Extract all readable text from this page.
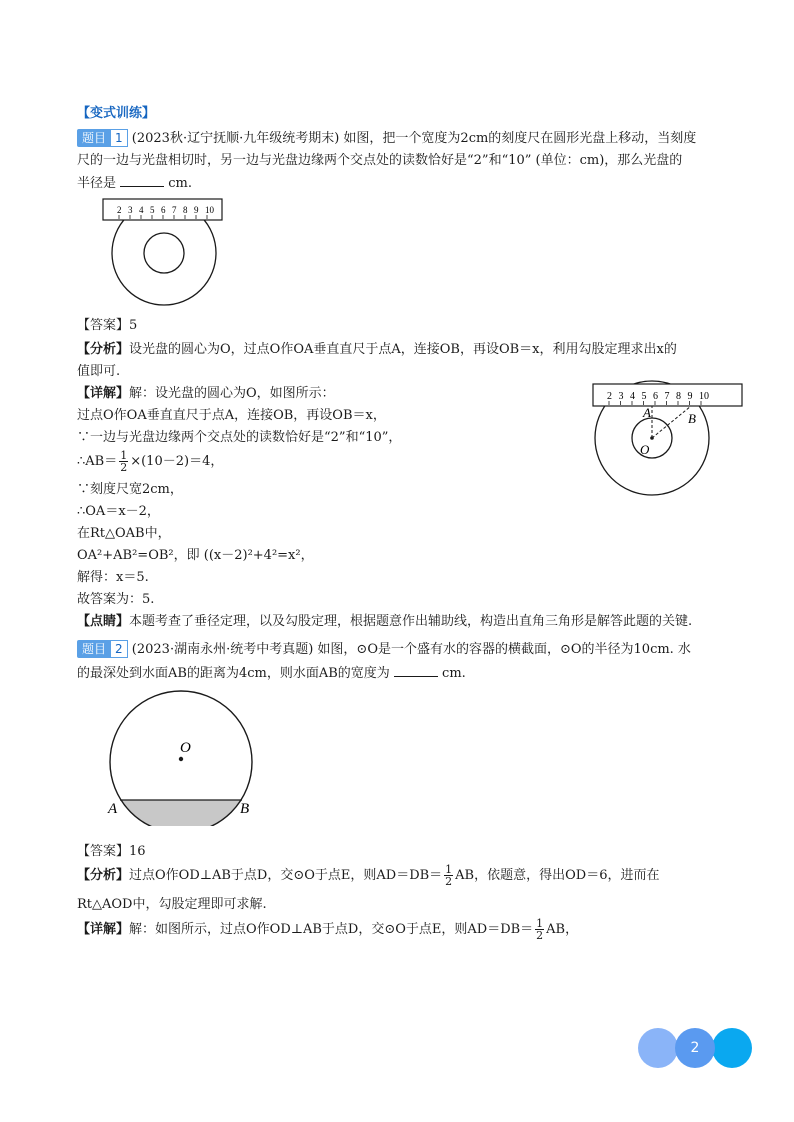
【变式训练】
题目 1 (2023秋·辽宁抚顺·九年级统考期末) 如图，把一个宽度为2cm的刻度尺在圆形光盘上移动，当刻度
尺的一边与光盘相切时，另一边与光盘边缘两个交点处的读数恰好是“2”和“10” (单位：cm)，那么光盘的
半径是	cm.
2 3 4 5 6 7 8 9 10
【答案】5
【分析】设光盘的圆心为O，过点O作OA垂直直尺于点A，连接OB，再设OB＝x，利用勾股定理求出x的
值即可.
【详解】解：设光盘的圆心为O，如图所示：
过点O作OA垂直直尺于点A，连接OB，再设OB＝x，
∵一边与光盘边缘两个交点处的读数恰好是“2”和“10”，
∴AB＝ $\frac{1}{2} \times(10-2)=4$，
∵刻度尺宽2cm，
∴OA＝x－2，
在Rt△OAB中，
OA²+AB²=OB²，即 ((x－2)²+4²=x²，
解得：x＝5.
故答案为：5.
【点睛】本题考查了垂径定理，以及勾股定理，根据题意作出辅助线，构造出直角三角形是解答此题的关键.
2 3 4 5 6 7 8 9 10
A	B
O
题目 2 (2023·湖南永州·统考中考真题) 如图，⊙O是一个盛有水的容器的横截面，⊙O的半径为10cm. 水
的最深处到水面AB的距离为4cm，则水面AB的宽度为	cm.
O
A	B
【答案】16
【分析】过点O作OD⊥AB于点D，交⊙O于点E，则$AD=DB= \frac{1}{2}$ AB，依题意，得出OD＝6，进而在
Rt△AOD中，勾股定理即可求解.
【详解】解：如图所示，过点O作OD⊥AB于点D，交⊙O于点E，则$AD=DB= \frac{1}{2}$ AB，
2
